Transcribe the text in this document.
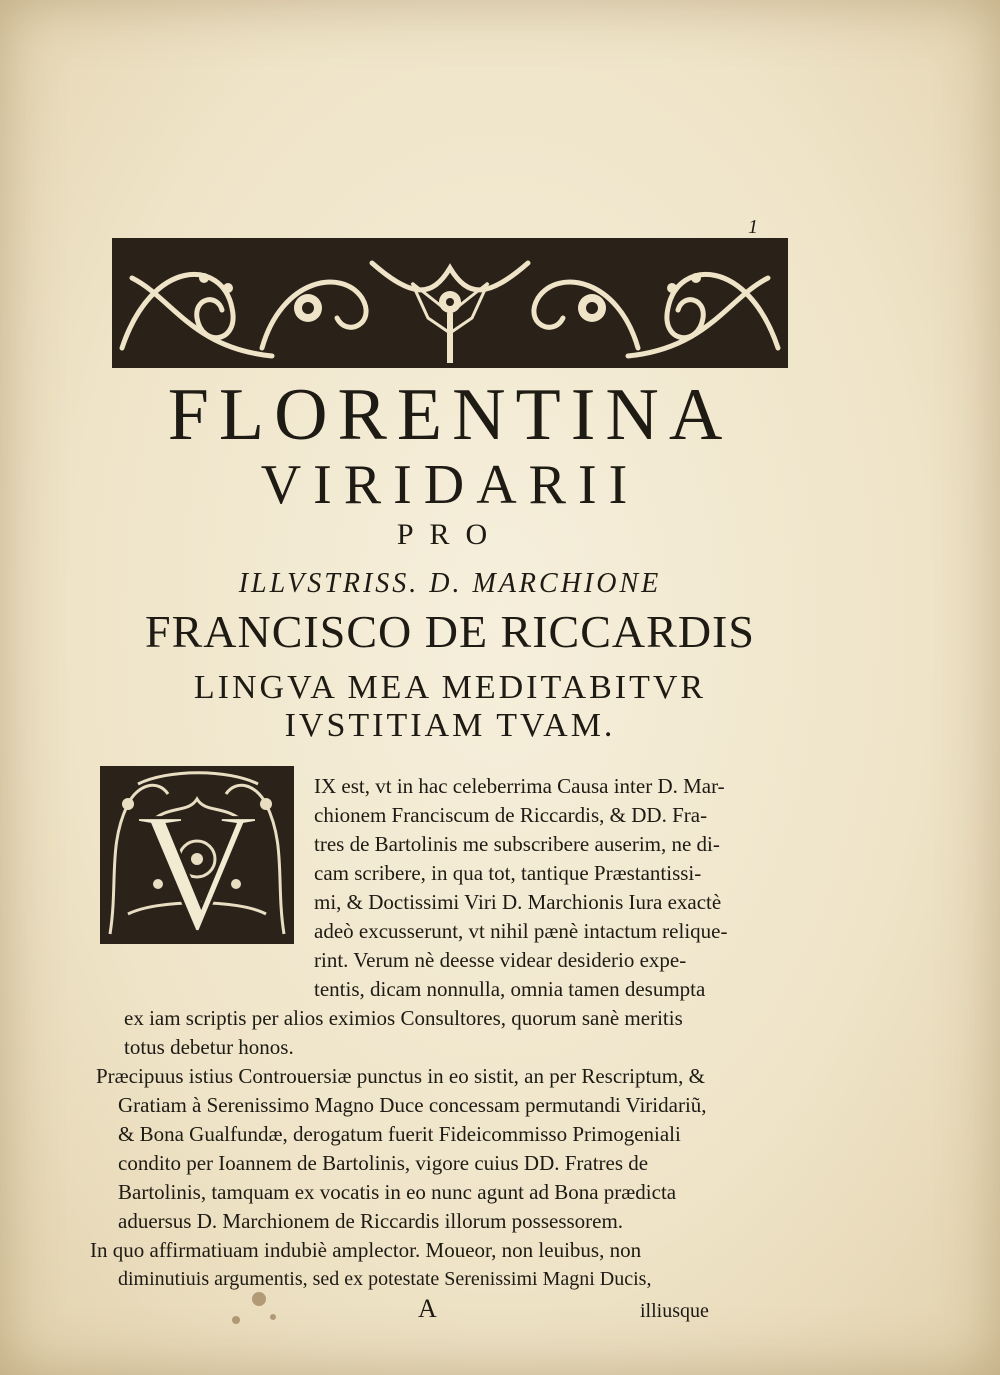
1
FLORENTINA
VIRIDARII
PRO
ILLVSTRISS. D. MARCHIONE
FRANCISCO DE RICCARDIS
LINGVA MEA MEDITABITVR
IVSTITIAM TVAM.
V	IX est, vt in hac celeberrima Causa inter D. Mar-
chionem Franciscum de Riccardis, & DD. Fra-
tres de Bartolinis me subscribere auserim, ne di-
cam scribere, in qua tot, tantique Præstantissi-
mi, & Doctissimi Viri D. Marchionis Iura exactè
adeò excusserunt, vt nihil pænè intactum relique-
rint. Verum nè deesse videar desiderio expe-
tentis, dicam nonnulla, omnia tamen desumpta
ex iam scriptis per alios eximios Consultores, quorum sanè meritis
totus debetur honos.
Præcipuus istius Controuersiæ punctus in eo sistit, an per Rescriptum, &
Gratiam à Serenissimo Magno Duce concessam permutandi Viridariũ,
& Bona Gualfundæ, derogatum fuerit Fideicommisso Primogeniali
condito per Ioannem de Bartolinis, vigore cuius DD. Fratres de
Bartolinis, tamquam ex vocatis in eo nunc agunt ad Bona prædicta
aduersus D. Marchionem de Riccardis illorum possessorem.
In quo affirmatiuam indubiè amplector. Moueor, non leuibus, non
diminutiuis argumentis, sed ex potestate Serenissimi Magni Ducis,
A	illiusque
